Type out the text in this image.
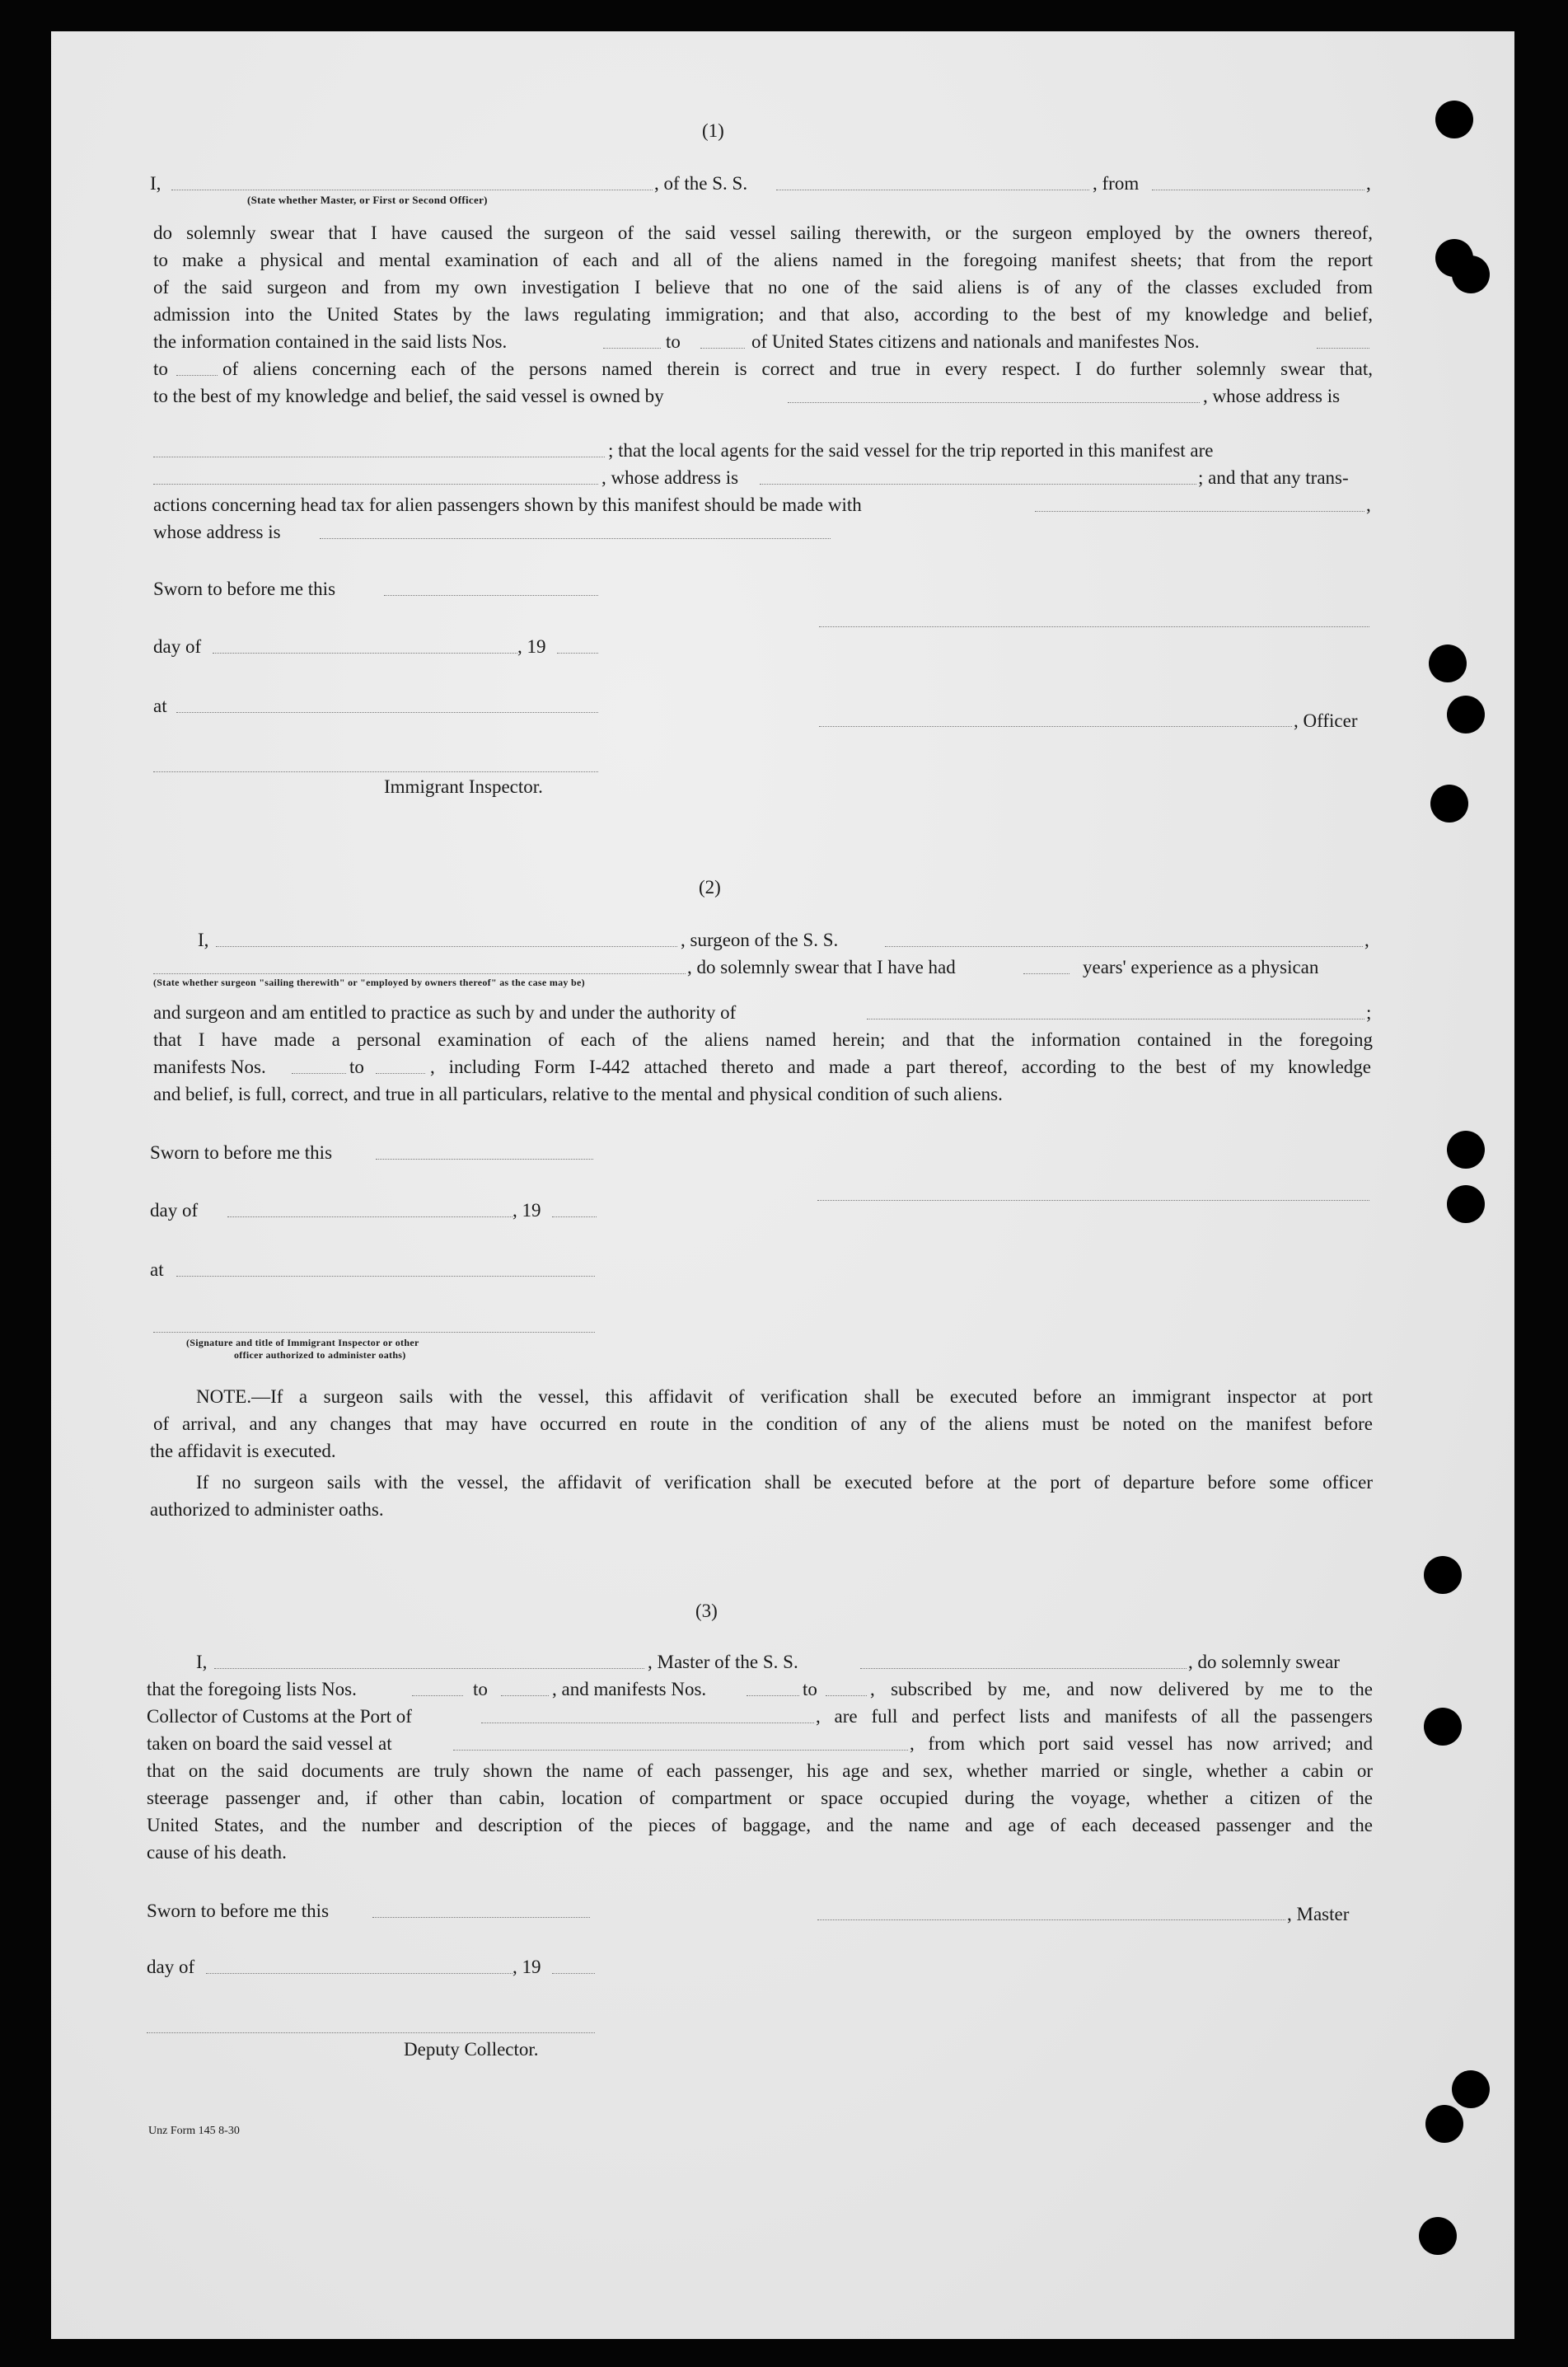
(1)
I,	, of the S. S.	, from	,
(State whether Master, or First or Second Officer)
do solemnly swear that I have caused the surgeon of the said vessel sailing therewith, or the surgeon employed by the owners thereof,
to make a physical and mental examination of each and all of the aliens named in the foregoing manifest sheets; that from the report
of the said surgeon and from my own investigation I believe that no one of the said aliens is of any of the classes excluded from
admission into the United States by the laws regulating immigration; and that also, according to the best of my knowledge and belief,
the information contained in the said lists Nos.	to	of United States citizens and nationals and manifestes Nos.
to	of aliens concerning each of the persons named therein is correct and true in every respect. I do further solemnly swear that,
to the best of my knowledge and belief, the said vessel is owned by	, whose address is
; that the local agents for the said vessel for the trip reported in this manifest are
, whose address is	; and that any trans-
actions concerning head tax for alien passengers shown by this manifest should be made with	,
whose address is
Sworn to before me this
day of	, 19
at
, Officer
Immigrant Inspector.
(2)
I,	, surgeon of the S. S.	,
, do solemnly swear that I have had	years' experience as a physican
(State whether surgeon "sailing therewith" or "employed by owners thereof" as the case may be)
and surgeon and am entitled to practice as such by and under the authority of	;
that I have made a personal examination of each of the aliens named herein; and that the information contained in the foregoing
manifests Nos.	to	, including Form I-442 attached thereto and made a part thereof, according to the best of my knowledge
and belief, is full, correct, and true in all particulars, relative to the mental and physical condition of such aliens.
Sworn to before me this
day of	, 19
at
(Signature and title of Immigrant Inspector or other
officer authorized to administer oaths)
NOTE.—If a surgeon sails with the vessel, this affidavit of verification shall be executed before an immigrant inspector at port
of arrival, and any changes that may have occurred en route in the condition of any of the aliens must be noted on the manifest before
the affidavit is executed.
If no surgeon sails with the vessel, the affidavit of verification shall be executed before at the port of departure before some officer
authorized to administer oaths.
(3)
I,	, Master of the S. S.	, do solemnly swear
that the foregoing lists Nos.	to	, and manifests Nos.	to	, subscribed by me, and now delivered by me to the
Collector of Customs at the Port of	, are full and perfect lists and manifests of all the passengers
taken on board the said vessel at	, from which port said vessel has now arrived; and
that on the said documents are truly shown the name of each passenger, his age and sex, whether married or single, whether a cabin or
steerage passenger and, if other than cabin, location of compartment or space occupied during the voyage, whether a citizen of the
United States, and the number and description of the pieces of baggage, and the name and age of each deceased passenger and the
cause of his death.
Sworn to before me this	, Master
day of	, 19
Deputy Collector.
Unz Form 145 8-30
